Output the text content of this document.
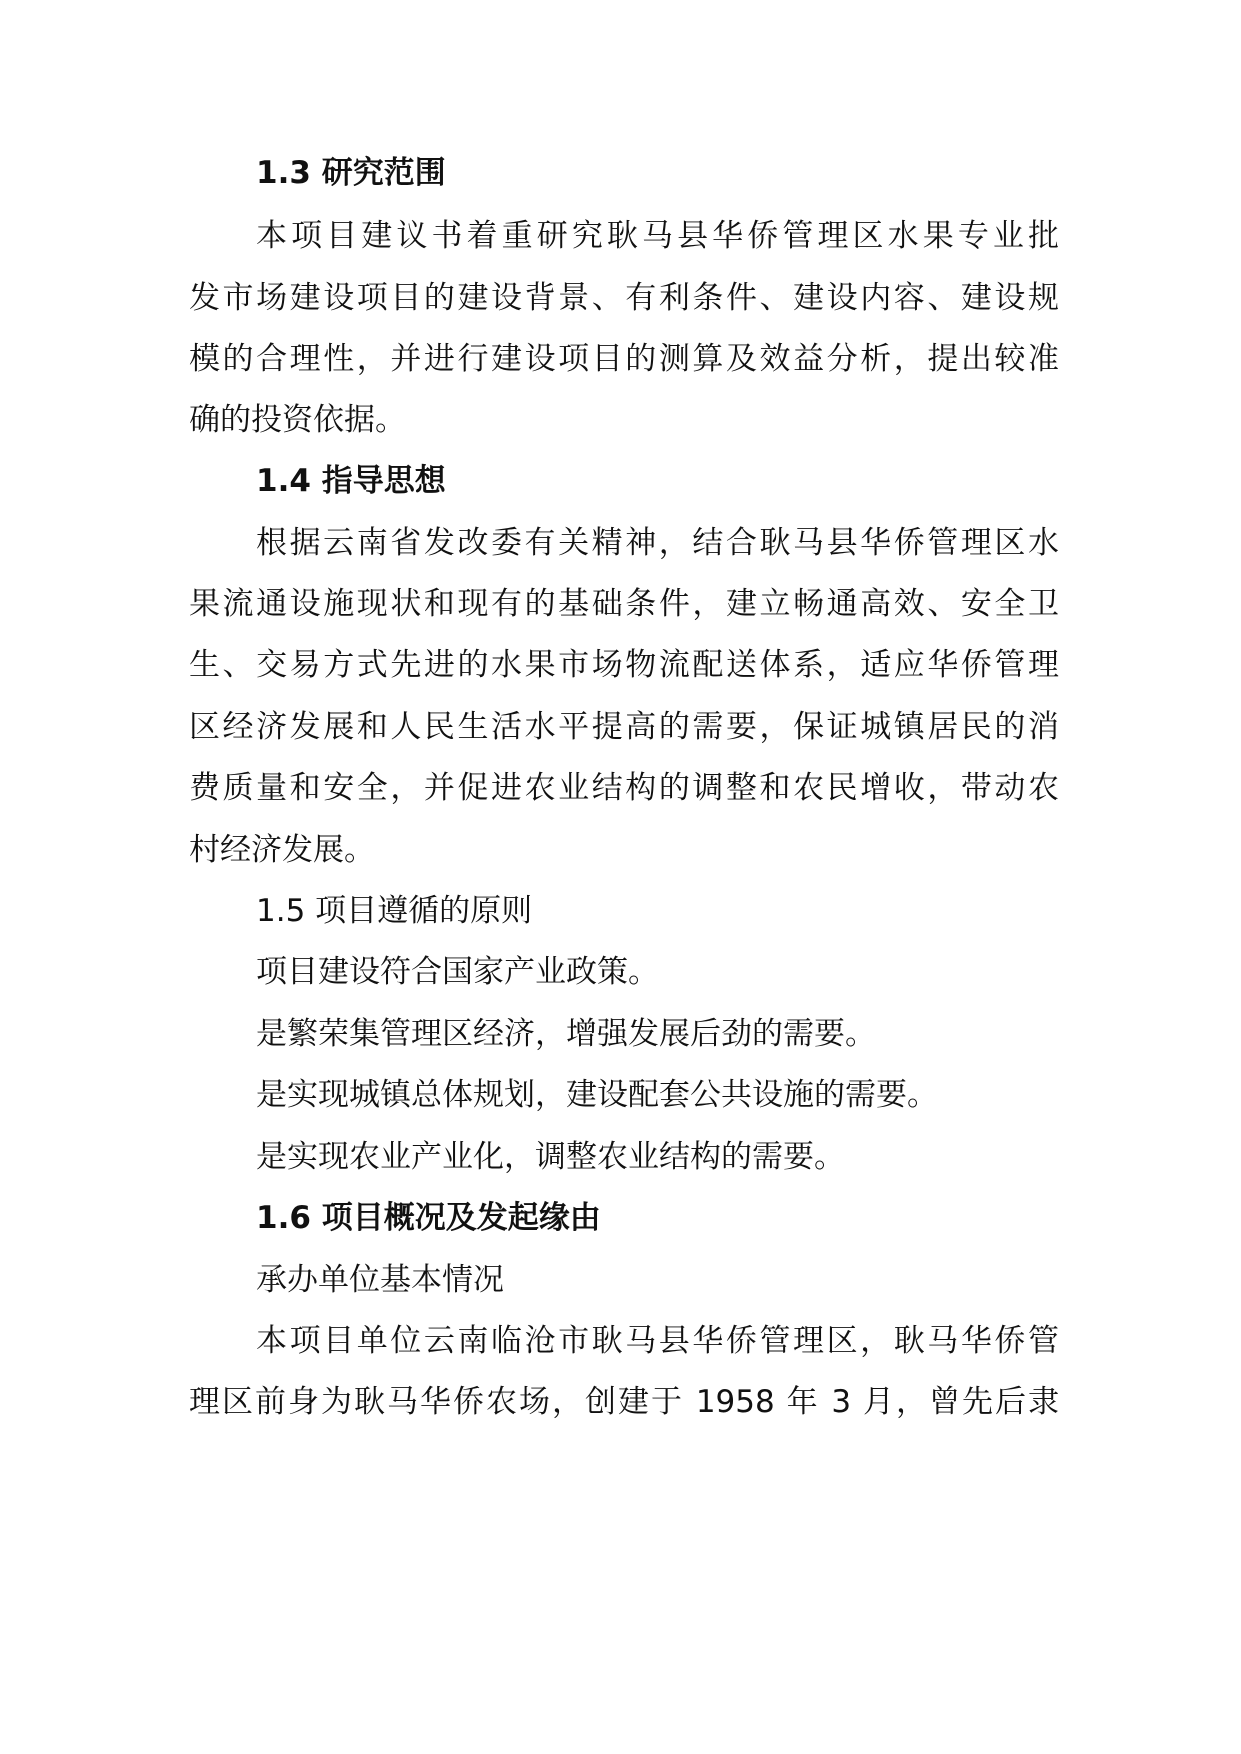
1.3 研究范围
本项目建议书着重研究耿马县华侨管理区水果专业批
发市场建设项目的建设背景、有利条件、建设内容、建设规
模的合理性，并进行建设项目的测算及效益分析，提出较准
确的投资依据。
1.4 指导思想
根据云南省发改委有关精神，结合耿马县华侨管理区水
果流通设施现状和现有的基础条件，建立畅通高效、安全卫
生、交易方式先进的水果市场物流配送体系，适应华侨管理
区经济发展和人民生活水平提高的需要，保证城镇居民的消
费质量和安全，并促进农业结构的调整和农民增收，带动农
村经济发展。
1.5 项目遵循的原则
项目建设符合国家产业政策。
是繁荣集管理区经济，增强发展后劲的需要。
是实现城镇总体规划，建设配套公共设施的需要。
是实现农业产业化，调整农业结构的需要。
1.6 项目概况及发起缘由
承办单位基本情况
本项目单位云南临沧市耿马县华侨管理区，耿马华侨管
理区前身为耿马华侨农场，创建于 1958 年 3 月，曾先后隶
